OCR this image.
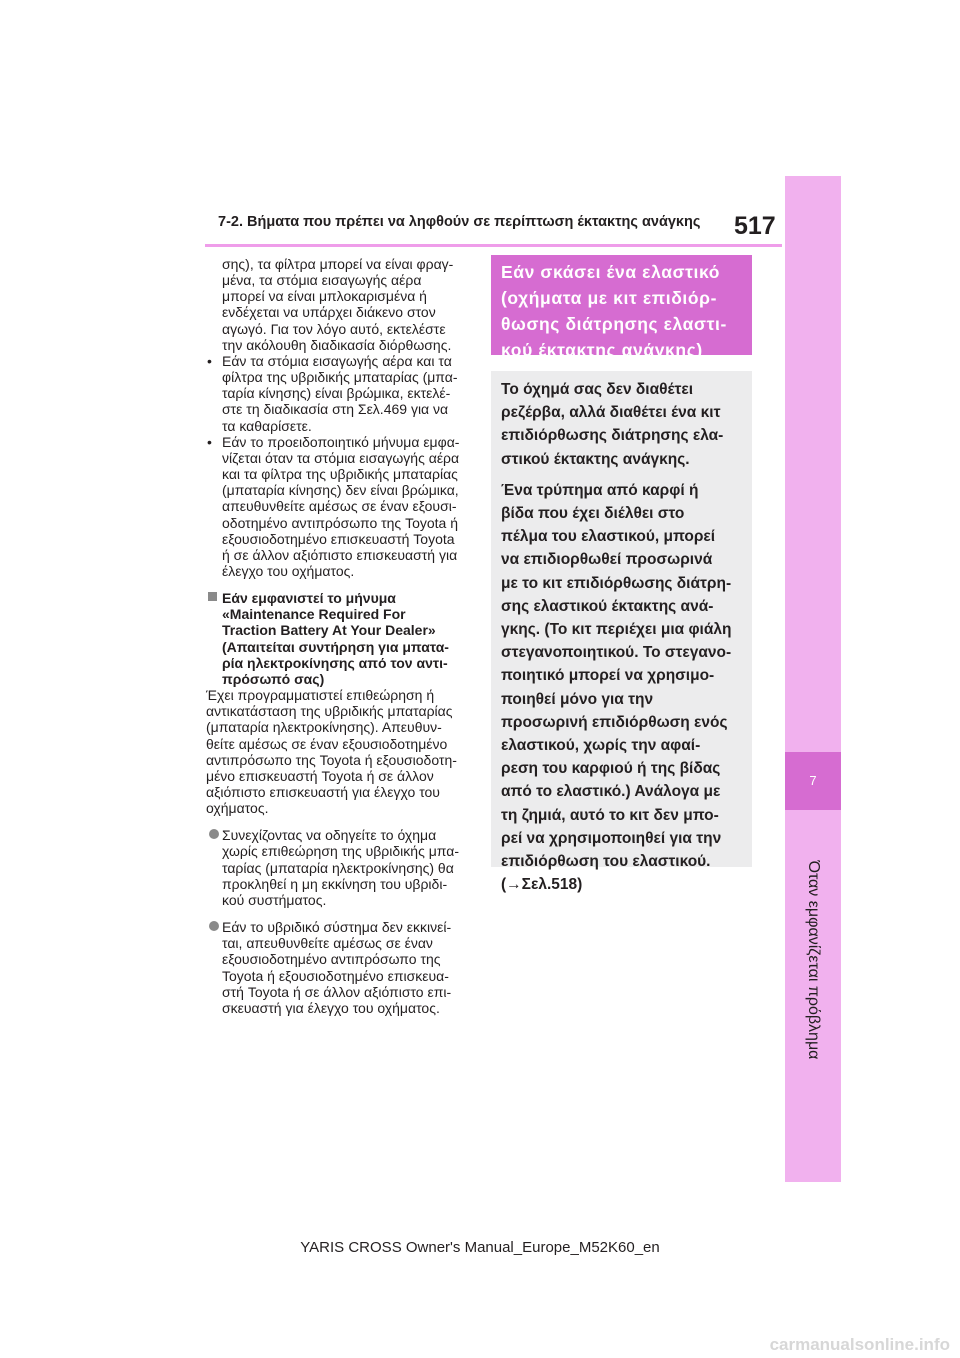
7-2. Βήματα που πρέπει να ληφθούν σε περίπτωση έκτακτης ανάγκης 517
7
Όταν εμφανίζεται πρόβλημα

σης), τα φίλτρα μπορεί να είναι φραγ-

μένα, τα στόμια εισαγωγής αέρα

μπορεί να είναι μπλοκαρισμένα ή

ενδέχεται να υπάρχει διάκενο στον

αγωγό. Για τον λόγο αυτό, εκτελέστε

την ακόλουθη διαδικασία διόρθωσης.

• Εάν τα στόμια εισαγωγής αέρα και τα

φίλτρα της υβριδικής μπαταρίας (μπα-

ταρία κίνησης) είναι βρώμικα, εκτελέ-

στε τη διαδικασία στη Σελ.469 για να

τα καθαρίσετε.

• Εάν το προειδοποιητικό μήνυμα εμφα-

νίζεται όταν τα στόμια εισαγωγής αέρα

και τα φίλτρα της υβριδικής μπαταρίας

(μπαταρία κίνησης) δεν είναι βρώμικα,

απευθυνθείτε αμέσως σε έναν εξουσι-

οδοτημένο αντιπρόσωπο της Toyota ή

εξουσιοδοτημένο επισκευαστή Toyota

ή σε άλλον αξιόπιστο επισκευαστή για

έλεγχο του οχήματος.

Εάν εμφανιστεί το μήνυμα

«Maintenance Required For

Traction Battery At Your Dealer»

(Απαιτείται συντήρηση για μπατα-

ρία ηλεκτροκίνησης από τον αντι-

πρόσωπό σας)

Έχει προγραμματιστεί επιθεώρηση ή

αντικατάσταση της υβριδικής μπαταρίας

(μπαταρία ηλεκτροκίνησης). Απευθυν-

θείτε αμέσως σε έναν εξουσιοδοτημένο

αντιπρόσωπο της Toyota ή εξουσιοδοτη-

μένο επισκευαστή Toyota ή σε άλλον

αξιόπιστο επισκευαστή για έλεγχο του

οχήματος.

Συνεχίζοντας να οδηγείτε το όχημα

χωρίς επιθεώρηση της υβριδικής μπα-

ταρίας (μπαταρία ηλεκτροκίνησης) θα

προκληθεί η μη εκκίνηση του υβριδι-

κού συστήματος.

Εάν το υβριδικό σύστημα δεν εκκινεί-

ται, απευθυνθείτε αμέσως σε έναν

εξουσιοδοτημένο αντιπρόσωπο της

Toyota ή εξουσιοδοτημένο επισκευα-

στή Toyota ή σε άλλον αξιόπιστο επι-

σκευαστή για έλεγχο του οχήματος.

Εάν σκάσει ένα ελαστικό
(οχήματα με κιτ επιδιόρ-
θωσης διάτρησης ελαστι-
κού έκτακτης ανάγκης)

Το όχημά σας δεν διαθέτει
ρεζέρβα, αλλά διαθέτει ένα κιτ
επιδιόρθωσης διάτρησης ελα-
στικού έκτακτης ανάγκης.

Ένα τρύπημα από καρφί ή
βίδα που έχει διέλθει στο
πέλμα του ελαστικού, μπορεί
να επιδιορθωθεί προσωρινά
με το κιτ επιδιόρθωσης διάτρη-
σης ελαστικού έκτακτης ανά-
γκης. (Το κιτ περιέχει μια φιάλη
στεγανοποιητικού. Το στεγανο-
ποιητικό μπορεί να χρησιμο-
ποιηθεί μόνο για την
προσωρινή επιδιόρθωση ενός
ελαστικού, χωρίς την αφαί-
ρεση του καρφιού ή της βίδας
από το ελαστικό.) Ανάλογα με
τη ζημιά, αυτό το κιτ δεν μπο-
ρεί να χρησιμοποιηθεί για την
επιδιόρθωση του ελαστικού.
(→Σελ.518)

YARIS CROSS Owner's Manual_Europe_M52K60_en
carmanualsonline.info
